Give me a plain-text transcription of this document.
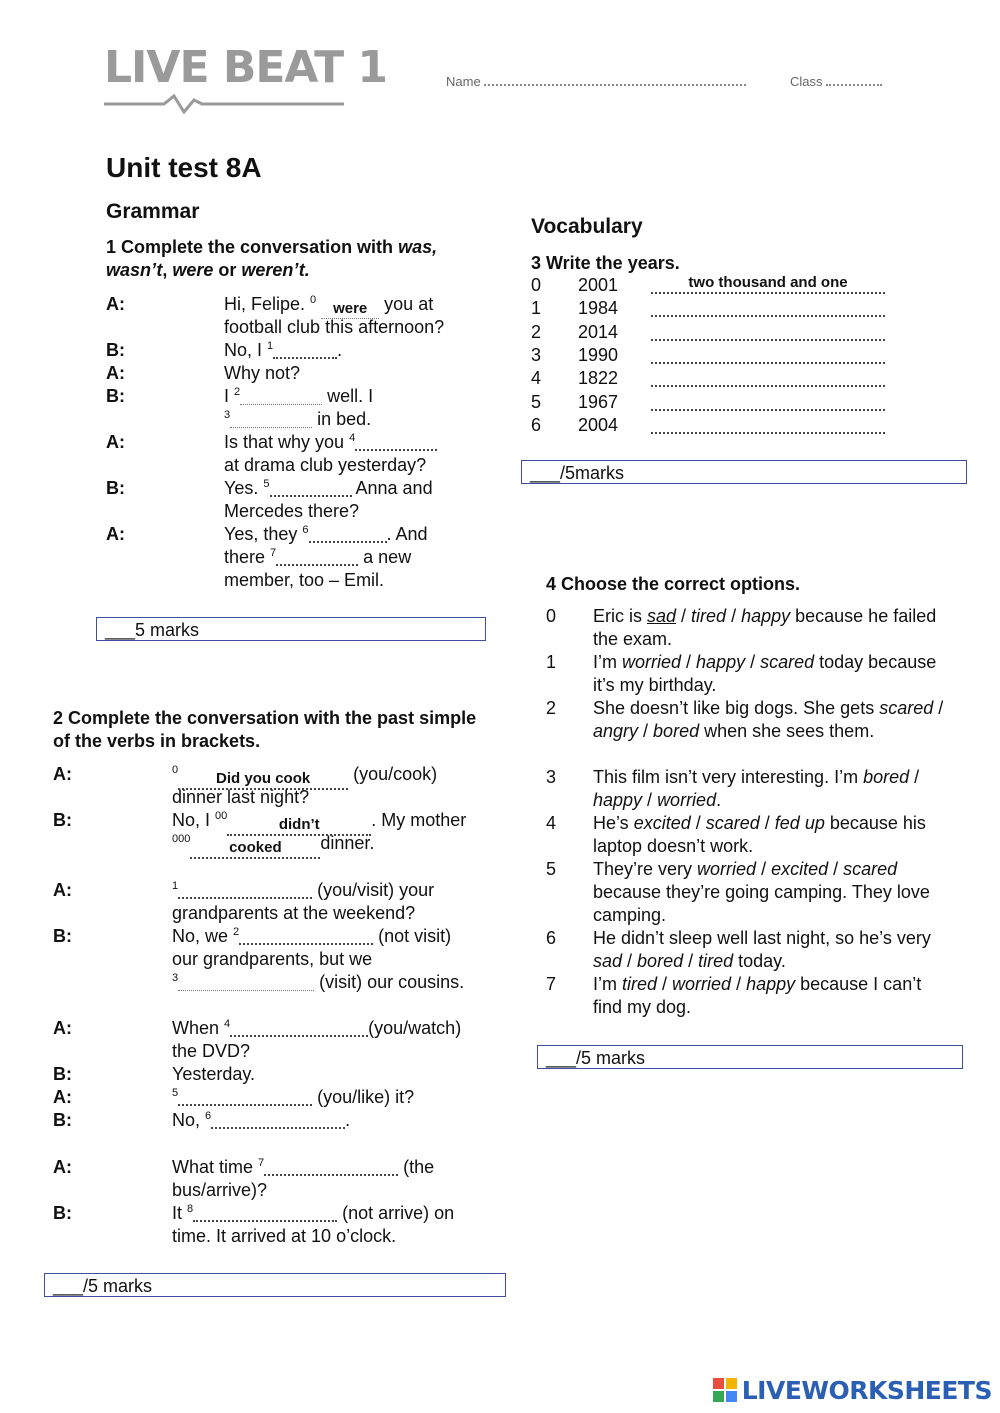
LIVE BEAT 1	Name	Class
Unit test 8A
Grammar

1 Complete the conversation with was,
wasn’t, were or weren’t.

A:	Hi, Felipe. $^0$ were you at
football club this afternoon?
B:	No, I $^1$	.
A:	Why not?
B:	I $^2$	well. I
$^3$	in bed.
A:	Is that why you $^4$
at drama club yesterday?
B:	Yes. $^5$	Anna and
Mercedes there?
A:	Yes, they $^6$	. And
there $^7$	a new
member, too – Emil.
___5 marks

2 Complete the conversation with the past simple of the verbs in brackets.

A:	$^0$	Did you cook (you/cook)
dinner last night?
B:	No, I $^{00}$	didn’t	. My mother
$^{000}$	cooked dinner.
A:	$^1$	(you/visit) your
grandparents at the weekend?
B:	No, we $^2$	(not visit)
our grandparents, but we
$^3$	(visit) our cousins.
A:	When $^4$	(you/watch)
the DVD?
B:	Yesterday.
A:	$^5$	(you/like) it?
B:	No, $^6$	.
A:	What time $^7$	(the
bus/arrive)?
B:	It $^8$	(not arrive) on
time. It arrived at 10 o’clock.
___/5 marks
Vocabulary

3 Write the years.

0 2001	two thousand and one
1 1984
2 2014
3 1990
4 1822
5 1967
6 2004
___/5marks

4 Choose the correct options.

0 Eric is sad / tired / happy because he failed the exam.
1 I’m worried / happy / scared today because it’s my birthday.
2 She doesn’t like big dogs. She gets scared / angry / bored when she sees them.
3 This film isn’t very interesting. I’m bored / happy / worried.
4 He’s excited / scared / fed up because his laptop doesn’t work.
5 They’re very worried / excited / scared because they’re going camping. They love camping.
6 He didn’t sleep well last night, so he’s very sad / bored / tired today.
7 I’m tired / worried / happy because I can’t find my dog.
___/5 marks
LIVEWORKSHEETS
